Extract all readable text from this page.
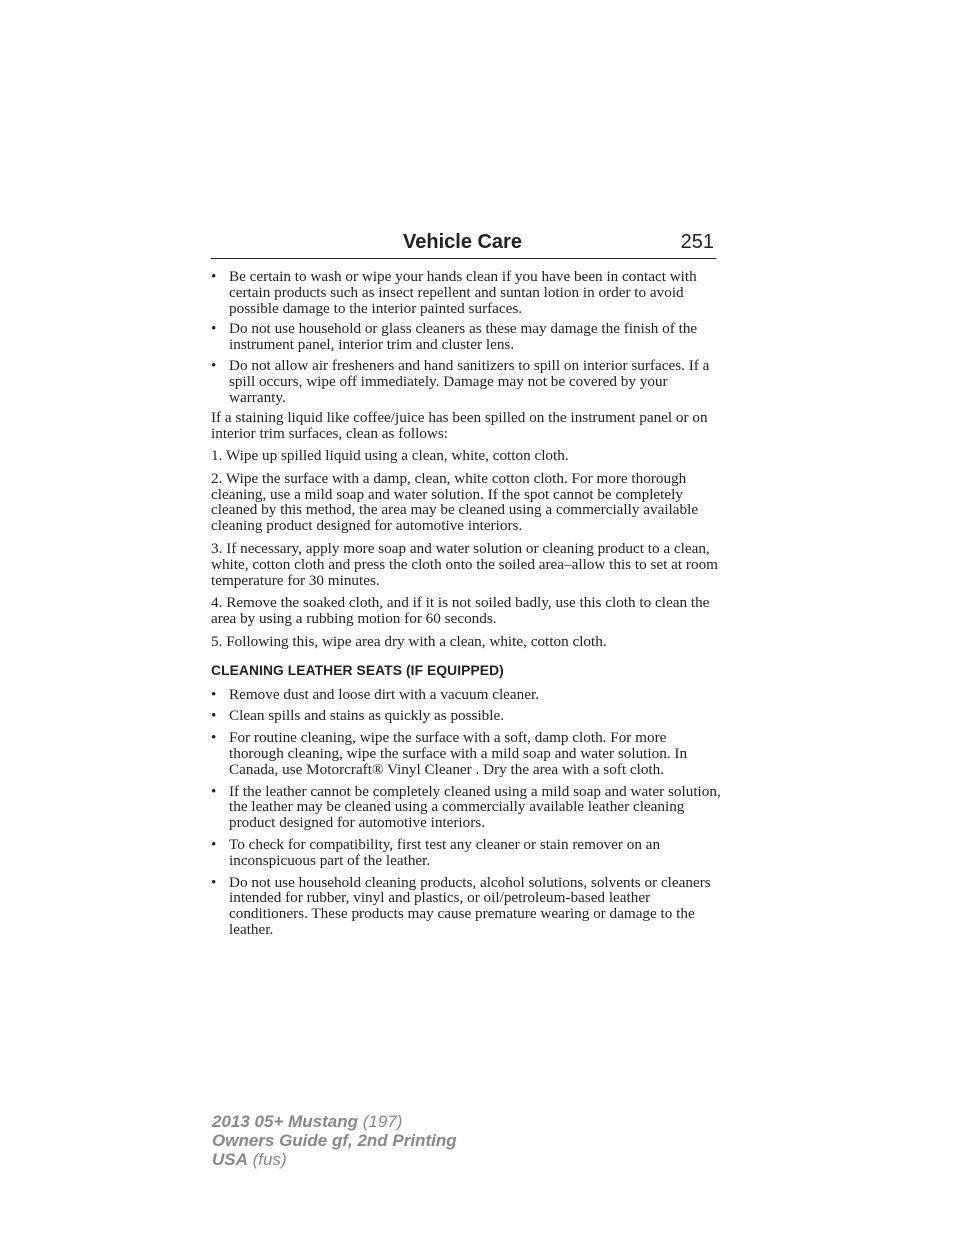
Vehicle Care	251
• Be certain to wash or wipe your hands clean if you have been in contact with certain products such as insect repellent and suntan lotion in order to avoid possible damage to the interior painted surfaces.
• Do not use household or glass cleaners as these may damage the finish of the instrument panel, interior trim and cluster lens.
• Do not allow air fresheners and hand sanitizers to spill on interior surfaces. If a spill occurs, wipe off immediately. Damage may not be covered by your warranty.

If a staining liquid like coffee/juice has been spilled on the instrument panel or on interior trim surfaces, clean as follows:

1. Wipe up spilled liquid using a clean, white, cotton cloth.

2. Wipe the surface with a damp, clean, white cotton cloth. For more thorough cleaning, use a mild soap and water solution. If the spot cannot be completely cleaned by this method, the area may be cleaned using a commercially available cleaning product designed for automotive interiors.

3. If necessary, apply more soap and water solution or cleaning product to a clean, white, cotton cloth and press the cloth onto the soiled area–allow this to set at room temperature for 30 minutes.

4. Remove the soaked cloth, and if it is not soiled badly, use this cloth to clean the area by using a rubbing motion for 60 seconds.

5. Following this, wipe area dry with a clean, white, cotton cloth.

CLEANING LEATHER SEATS (IF EQUIPPED)
• Remove dust and loose dirt with a vacuum cleaner.
• Clean spills and stains as quickly as possible.
• For routine cleaning, wipe the surface with a soft, damp cloth. For more thorough cleaning, wipe the surface with a mild soap and water solution. In Canada, use Motorcraft® Vinyl Cleaner . Dry the area with a soft cloth.
• If the leather cannot be completely cleaned using a mild soap and water solution, the leather may be cleaned using a commercially available leather cleaning product designed for automotive interiors.
• To check for compatibility, first test any cleaner or stain remover on an inconspicuous part of the leather.
• Do not use household cleaning products, alcohol solutions, solvents or cleaners intended for rubber, vinyl and plastics, or oil/petroleum-based leather conditioners. These products may cause premature wearing or damage to the leather.
2013 05+ Mustang (197)
Owners Guide gf, 2nd Printing
USA (fus)
